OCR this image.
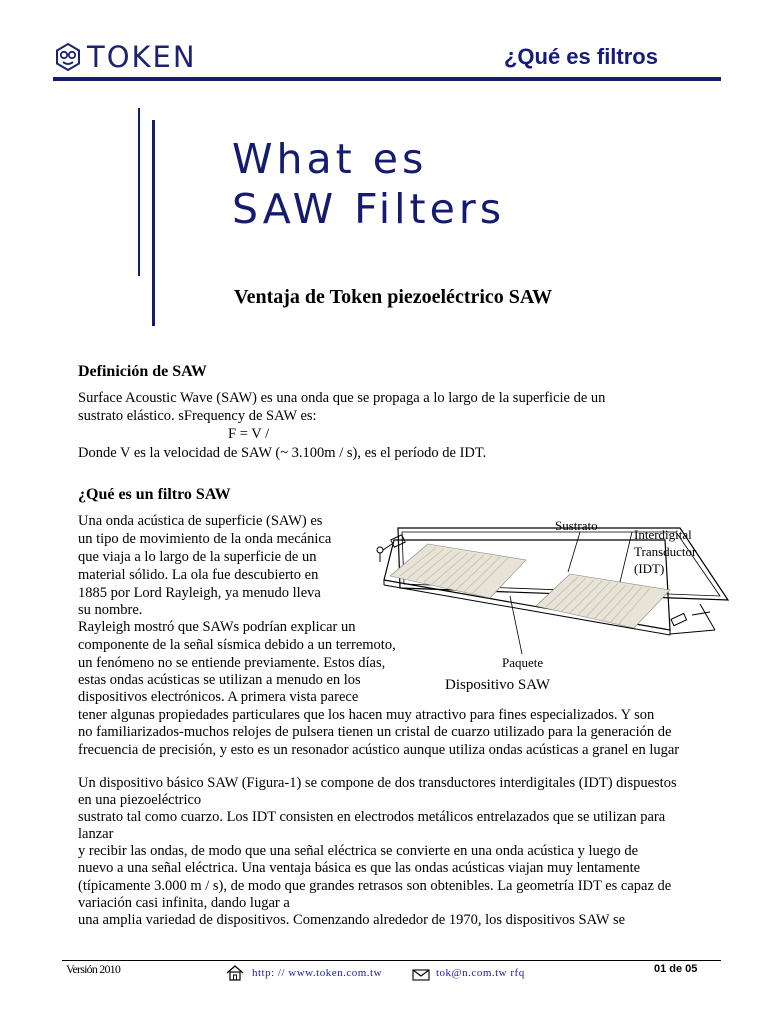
TOKEN	¿Qué es filtros
What es
SAW Filters
Ventaja de Token piezoeléctrico SAW
Definición de SAW
Surface Acoustic Wave (SAW) es una onda que se propaga a lo largo de la superficie de un
sustrato elástico. sFrequency de SAW es:
F = V /
Donde V es la velocidad de SAW (~ 3.100m / s), es el período de IDT.
¿Qué es un filtro SAW
Una onda acústica de superficie (SAW) es
un tipo de movimiento de la onda mecánica
que viaja a lo largo de la superficie de un
material sólido. La ola fue descubierto en
1885 por Lord Rayleigh, ya menudo lleva
su nombre.
Rayleigh mostró que SAWs podrían explicar un
componente de la señal sísmica debido a un terremoto,
un fenómeno no se entiende previamente. Estos días,
estas ondas acústicas se utilizan a menudo en los
dispositivos electrónicos. A primera vista parece
tener algunas propiedades particulares que los hacen muy atractivo para fines especializados. Y son
no familiarizados-muchos relojes de pulsera tienen un cristal de cuarzo utilizado para la generación de
frecuencia de precisión, y esto es un resonador acústico aunque utiliza ondas acústicas a granel en lugar
Un dispositivo básico SAW (Figura-1) se compone de dos transductores interdigitales (IDT) dispuestos
en una piezoeléctrico
sustrato tal como cuarzo. Los IDT consisten en electrodos metálicos entrelazados que se utilizan para
lanzar
y recibir las ondas, de modo que una señal eléctrica se convierte en una onda acústica y luego de
nuevo a una señal eléctrica. Una ventaja básica es que las ondas acústicas viajan muy lentamente
(típicamente 3.000 m / s), de modo que grandes retrasos son obtenibles. La geometría IDT es capaz de
variación casi infinita, dando lugar a
una amplia variedad de dispositivos. Comenzando alrededor de 1970, los dispositivos SAW se
Sustrato
Interdigital
Transductor
(IDT)
Paquete
Dispositivo SAW
Versión 2010	http: // www.token.com.tw	tok@n.com.tw rfq	01 de 05
